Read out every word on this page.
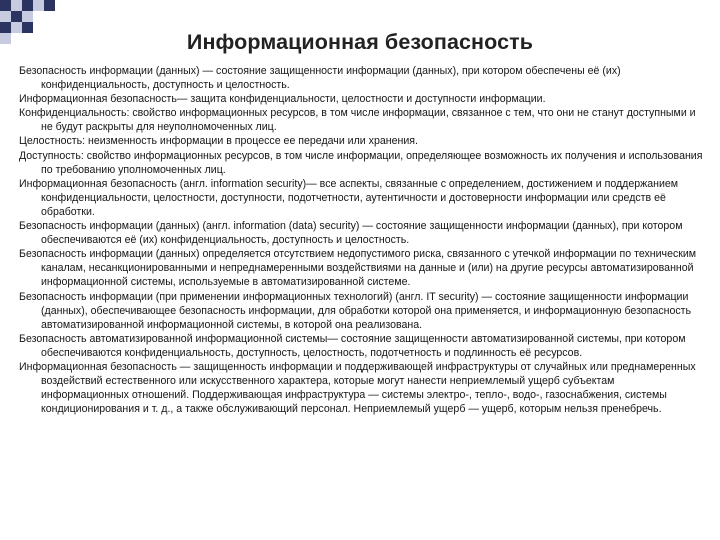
Информационная безопасность

Безопасность информации (данных) — состояние защищенности информации (данных), при котором обеспечены её (их) конфиденциальность, доступность и целостность.

Информационная безопасность— защита конфиденциальности, целостности и доступности информации.

Конфиденциальность: свойство информационных ресурсов, в том числе информации, связанное с тем, что они не станут доступными и не будут раскрыты для неуполномоченных лиц.

Целостность: неизменность информации в процессе ее передачи или хранения.

Доступность: свойство информационных ресурсов, в том числе информации, определяющее возможность их получения и использования по требованию уполномоченных лиц.

Информационная безопасность (англ. information security)— все аспекты, связанные с определением, достижением и поддержанием конфиденциальности, целостности, доступности, подотчетности, аутентичности и достоверности информации или средств её обработки.

Безопасность информации (данных) (англ. information (data) security) — состояние защищенности информации (данных), при котором обеспечиваются её (их) конфиденциальность, доступность и целостность.

Безопасность информации (данных) определяется отсутствием недопустимого риска, связанного с утечкой информации по техническим каналам, несанкционированными и непреднамеренными воздействиями на данные и (или) на другие ресурсы автоматизированной информационной системы, используемые в автоматизированной системе.

Безопасность информации (при применении информационных технологий) (англ. IT security) — состояние защищенности информации (данных), обеспечивающее безопасность информации, для обработки которой она применяется, и информационную безопасность автоматизированной информационной системы, в которой она реализована.

Безопасность автоматизированной информационной системы— состояние защищенности автоматизированной системы, при котором обеспечиваются конфиденциальность, доступность, целостность, подотчетность и подлинность её ресурсов.

Информационная безопасность — защищенность информации и поддерживающей инфраструктуры от случайных или преднамеренных воздействий естественного или искусственного характера, которые могут нанести неприемлемый ущерб субъектам информационных отношений. Поддерживающая инфраструктура — системы электро-, тепло-, водо-, газоснабжения, системы кондиционирования и т. д., а также обслуживающий персонал. Неприемлемый ущерб — ущерб, которым нельзя пренебречь.
